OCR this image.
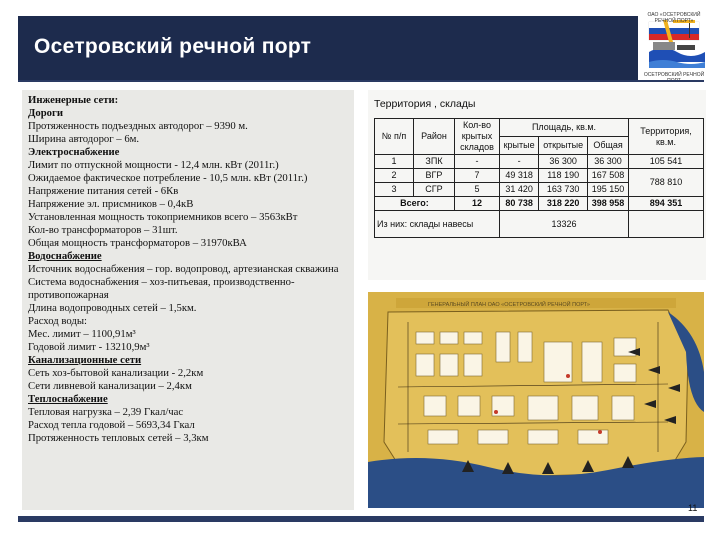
Осетровский речной порт
ОАО «ОСЕТРОВСКИЙ РЕЧНОЙ ПОРТ»
ОСЕТРОВСКИЙ РЕЧНОЙ
Инженерные сети:
Дороги
Протяженность подъездных автодорог – 9390 м.
Ширина автодорог – 6м.
Электроснабжение
Лимит по отпускной мощности - 12,4 млн. кВт (2011г.)
Ожидаемое фактическое потребление - 10,5 млн. кВт (2011г.)
Напряжение питания сетей - 6Кв
Напряжение эл. присмников – 0,4кВ
Установленная мощность токоприемников всего – 3563кВт
Кол-во трансформаторов – 31шт.
Общая мощность трансформаторов – 31970кВА
Водоснабжение
Источник водоснабжения – гор. водопровод, артезианская скважина
Система водоснабжения – хоз-питьевая, производственно-противопожарная
Длина водопроводных сетей – 1,5км.
Расход воды:
Мес. лимит – 1100,91м³
Годовой лимит - 13210,9м³
Канализационные сети
Сеть хоз-бытовой канализации - 2,2км
Сети ливневой канализации – 2,4км
Теплоснабжение
Тепловая нагрузка – 2,39 Гкал/час
Расход тепла годовой – 5693,34 Гкал
Протяженность тепловых сетей – 3,3км
Территория , склады
№ п/п	Район	Кол-во крытых складов	Площадь, кв.м.			Территория, кв.м.
			крытые	открытые	Общая	
1	ЗПК	-	-	36 300	36 300	105 541
2	ВГР	7	49 318	118 190	167 508	788 810
3	СГР	5	31 420	163 730	195 150	
Всего:		12	80 738	318 220	398 958	894 351
Из них: склады навесы			13326			
ГЕНЕРАЛЬНЫЙ ПЛАН ОАО «ОСЕТРОВСКИЙ РЕЧНОЙ ПОРТ»
11
